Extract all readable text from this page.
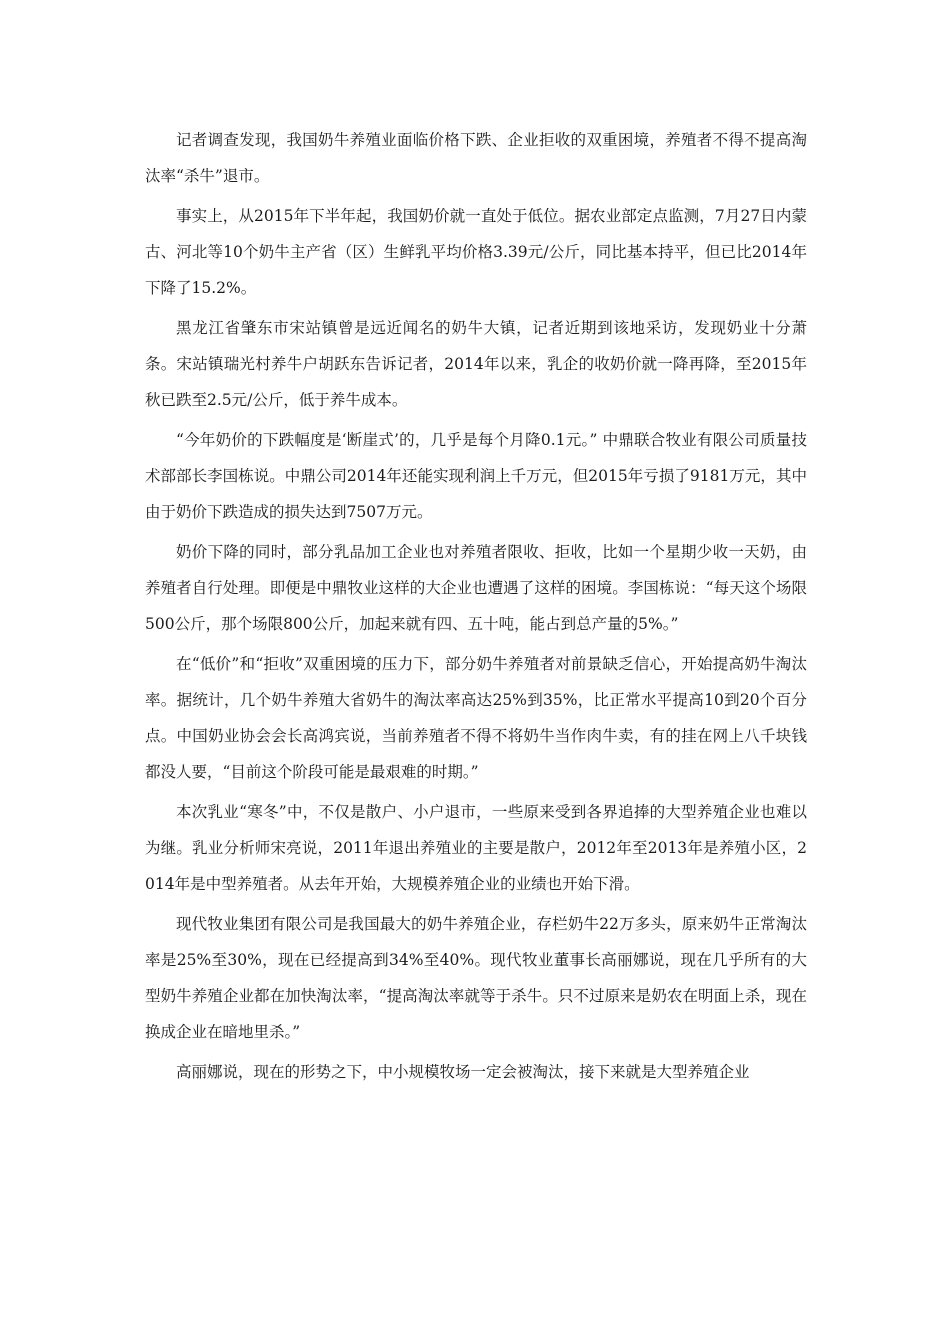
记者调查发现，我国奶牛养殖业面临价格下跌、企业拒收的双重困境，养殖者不得不提高淘汰率“杀牛”退市。

事实上，从2015年下半年起，我国奶价就一直处于低位。据农业部定点监测，7月27日内蒙古、河北等10个奶牛主产省（区）生鲜乳平均价格3.39元/公斤，同比基本持平，但已比2014年下降了15.2%。

黑龙江省肇东市宋站镇曾是远近闻名的奶牛大镇，记者近期到该地采访，发现奶业十分萧条。宋站镇瑞光村养牛户胡跃东告诉记者，2014年以来，乳企的收奶价就一降再降，至2015年秋已跌至2.5元/公斤，低于养牛成本。

“今年奶价的下跌幅度是‘断崖式’的，几乎是每个月降0.1元。” 中鼎联合牧业有限公司质量技术部部长李国栋说。中鼎公司2014年还能实现利润上千万元，但2015年亏损了9181万元，其中由于奶价下跌造成的损失达到7507万元。

奶价下降的同时，部分乳品加工企业也对养殖者限收、拒收，比如一个星期少收一天奶，由养殖者自行处理。即便是中鼎牧业这样的大企业也遭遇了这样的困境。李国栋说：“每天这个场限500公斤，那个场限800公斤，加起来就有四、五十吨，能占到总产量的5%。”

在“低价”和“拒收”双重困境的压力下，部分奶牛养殖者对前景缺乏信心，开始提高奶牛淘汰率。据统计，几个奶牛养殖大省奶牛的淘汰率高达25%到35%，比正常水平提高10到20个百分点。中国奶业协会会长高鸿宾说，当前养殖者不得不将奶牛当作肉牛卖，有的挂在网上八千块钱都没人要，“目前这个阶段可能是最艰难的时期。”

本次乳业“寒冬”中，不仅是散户、小户退市，一些原来受到各界追捧的大型养殖企业也难以为继。乳业分析师宋亮说，2011年退出养殖业的主要是散户，2012年至2013年是养殖小区，2014年是中型养殖者。从去年开始，大规模养殖企业的业绩也开始下滑。

现代牧业集团有限公司是我国最大的奶牛养殖企业，存栏奶牛22万多头，原来奶牛正常淘汰率是25%至30%，现在已经提高到34%至40%。现代牧业董事长高丽娜说，现在几乎所有的大型奶牛养殖企业都在加快淘汰率，“提高淘汰率就等于杀牛。只不过原来是奶农在明面上杀，现在换成企业在暗地里杀。”

高丽娜说，现在的形势之下，中小规模牧场一定会被淘汰，接下来就是大型养殖企业
